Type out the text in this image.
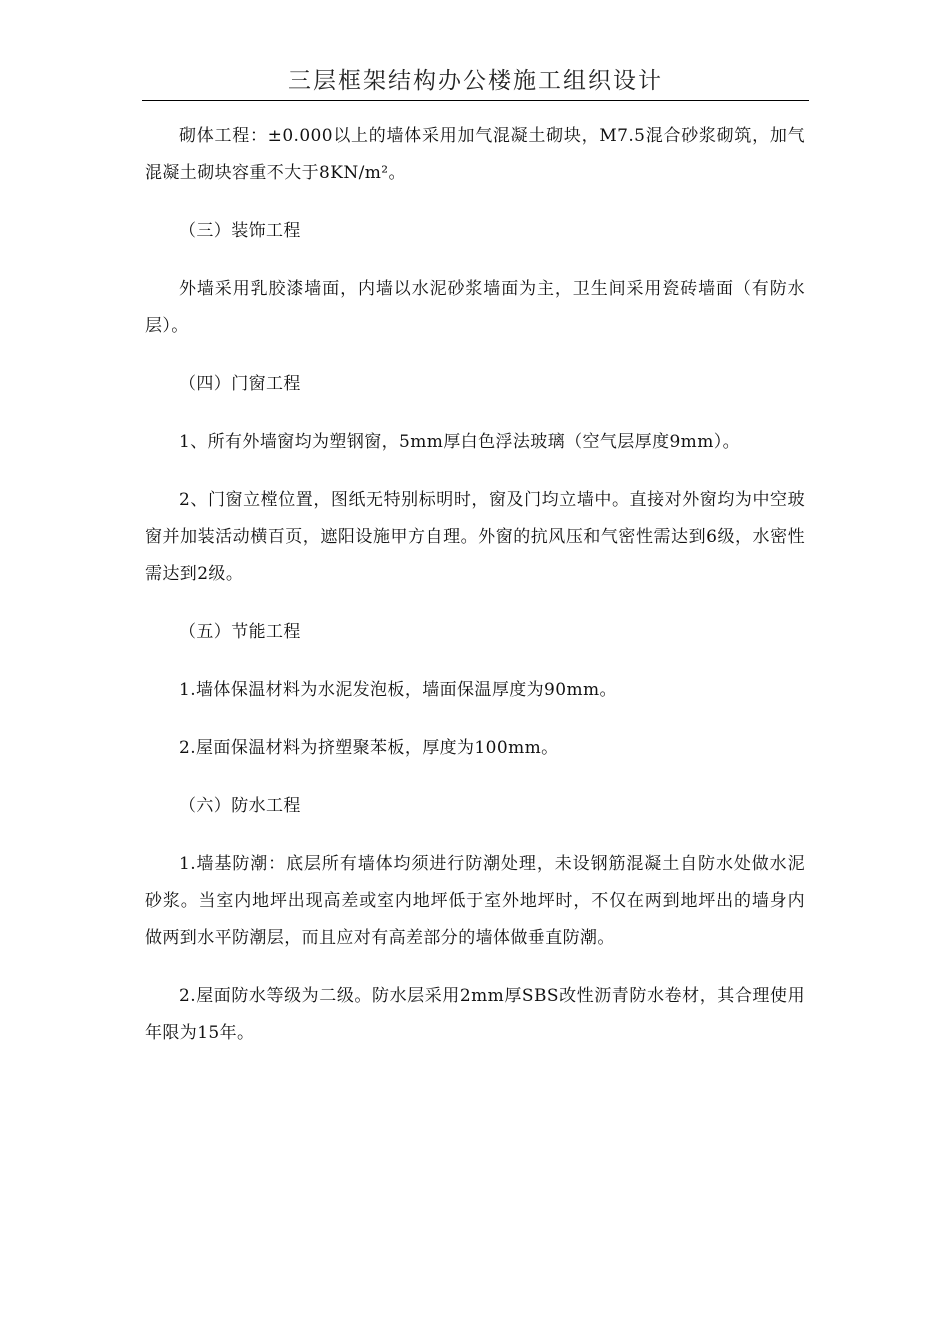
三层框架结构办公楼施工组织设计

砌体工程：±0.000以上的墙体采用加气混凝土砌块，M7.5混合砂浆砌筑，加气混凝土砌块容重不大于8KN/m²。

（三）装饰工程

外墙采用乳胶漆墙面，内墙以水泥砂浆墙面为主，卫生间采用瓷砖墙面（有防水层）。

（四）门窗工程

1、所有外墙窗均为塑钢窗，5mm厚白色浮法玻璃（空气层厚度9mm）。

2、门窗立樘位置，图纸无特别标明时，窗及门均立墙中。直接对外窗均为中空玻窗并加装活动横百页，遮阳设施甲方自理。外窗的抗风压和气密性需达到6级，水密性需达到2级。

（五）节能工程

1.墙体保温材料为水泥发泡板，墙面保温厚度为90mm。

2.屋面保温材料为挤塑聚苯板，厚度为100mm。

（六）防水工程

1.墙基防潮：底层所有墙体均须进行防潮处理，未设钢筋混凝土自防水处做水泥砂浆。当室内地坪出现高差或室内地坪低于室外地坪时，不仅在两到地坪出的墙身内做两到水平防潮层，而且应对有高差部分的墙体做垂直防潮。

2.屋面防水等级为二级。防水层采用2mm厚SBS改性沥青防水卷材，其合理使用年限为15年。
